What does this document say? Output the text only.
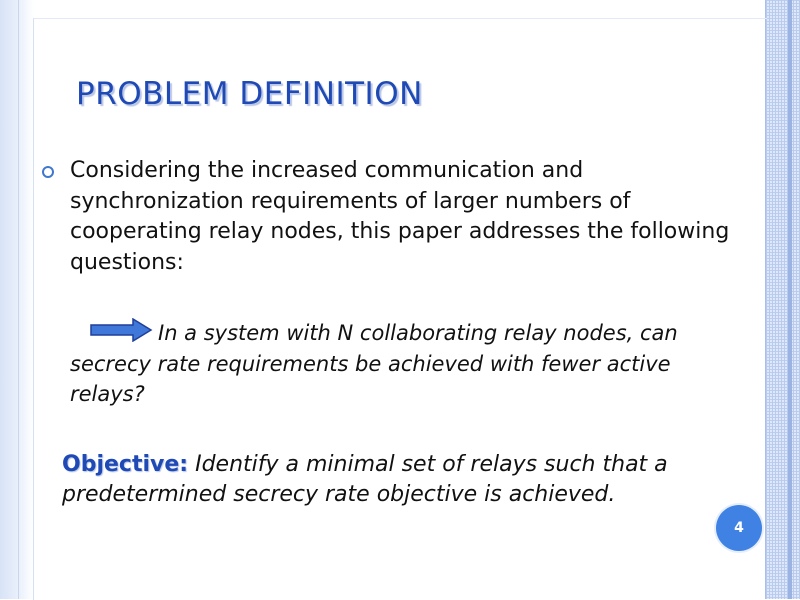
PROBLEM DEFINITION
Considering the increased communication and synchronization requirements of larger numbers of cooperating relay nodes, this paper addresses the following questions:
In a system with N collaborating relay nodes, can secrecy rate requirements be achieved with fewer active relays?
Objective: Identify a minimal set of relays such that a predetermined secrecy rate objective is achieved.
4
